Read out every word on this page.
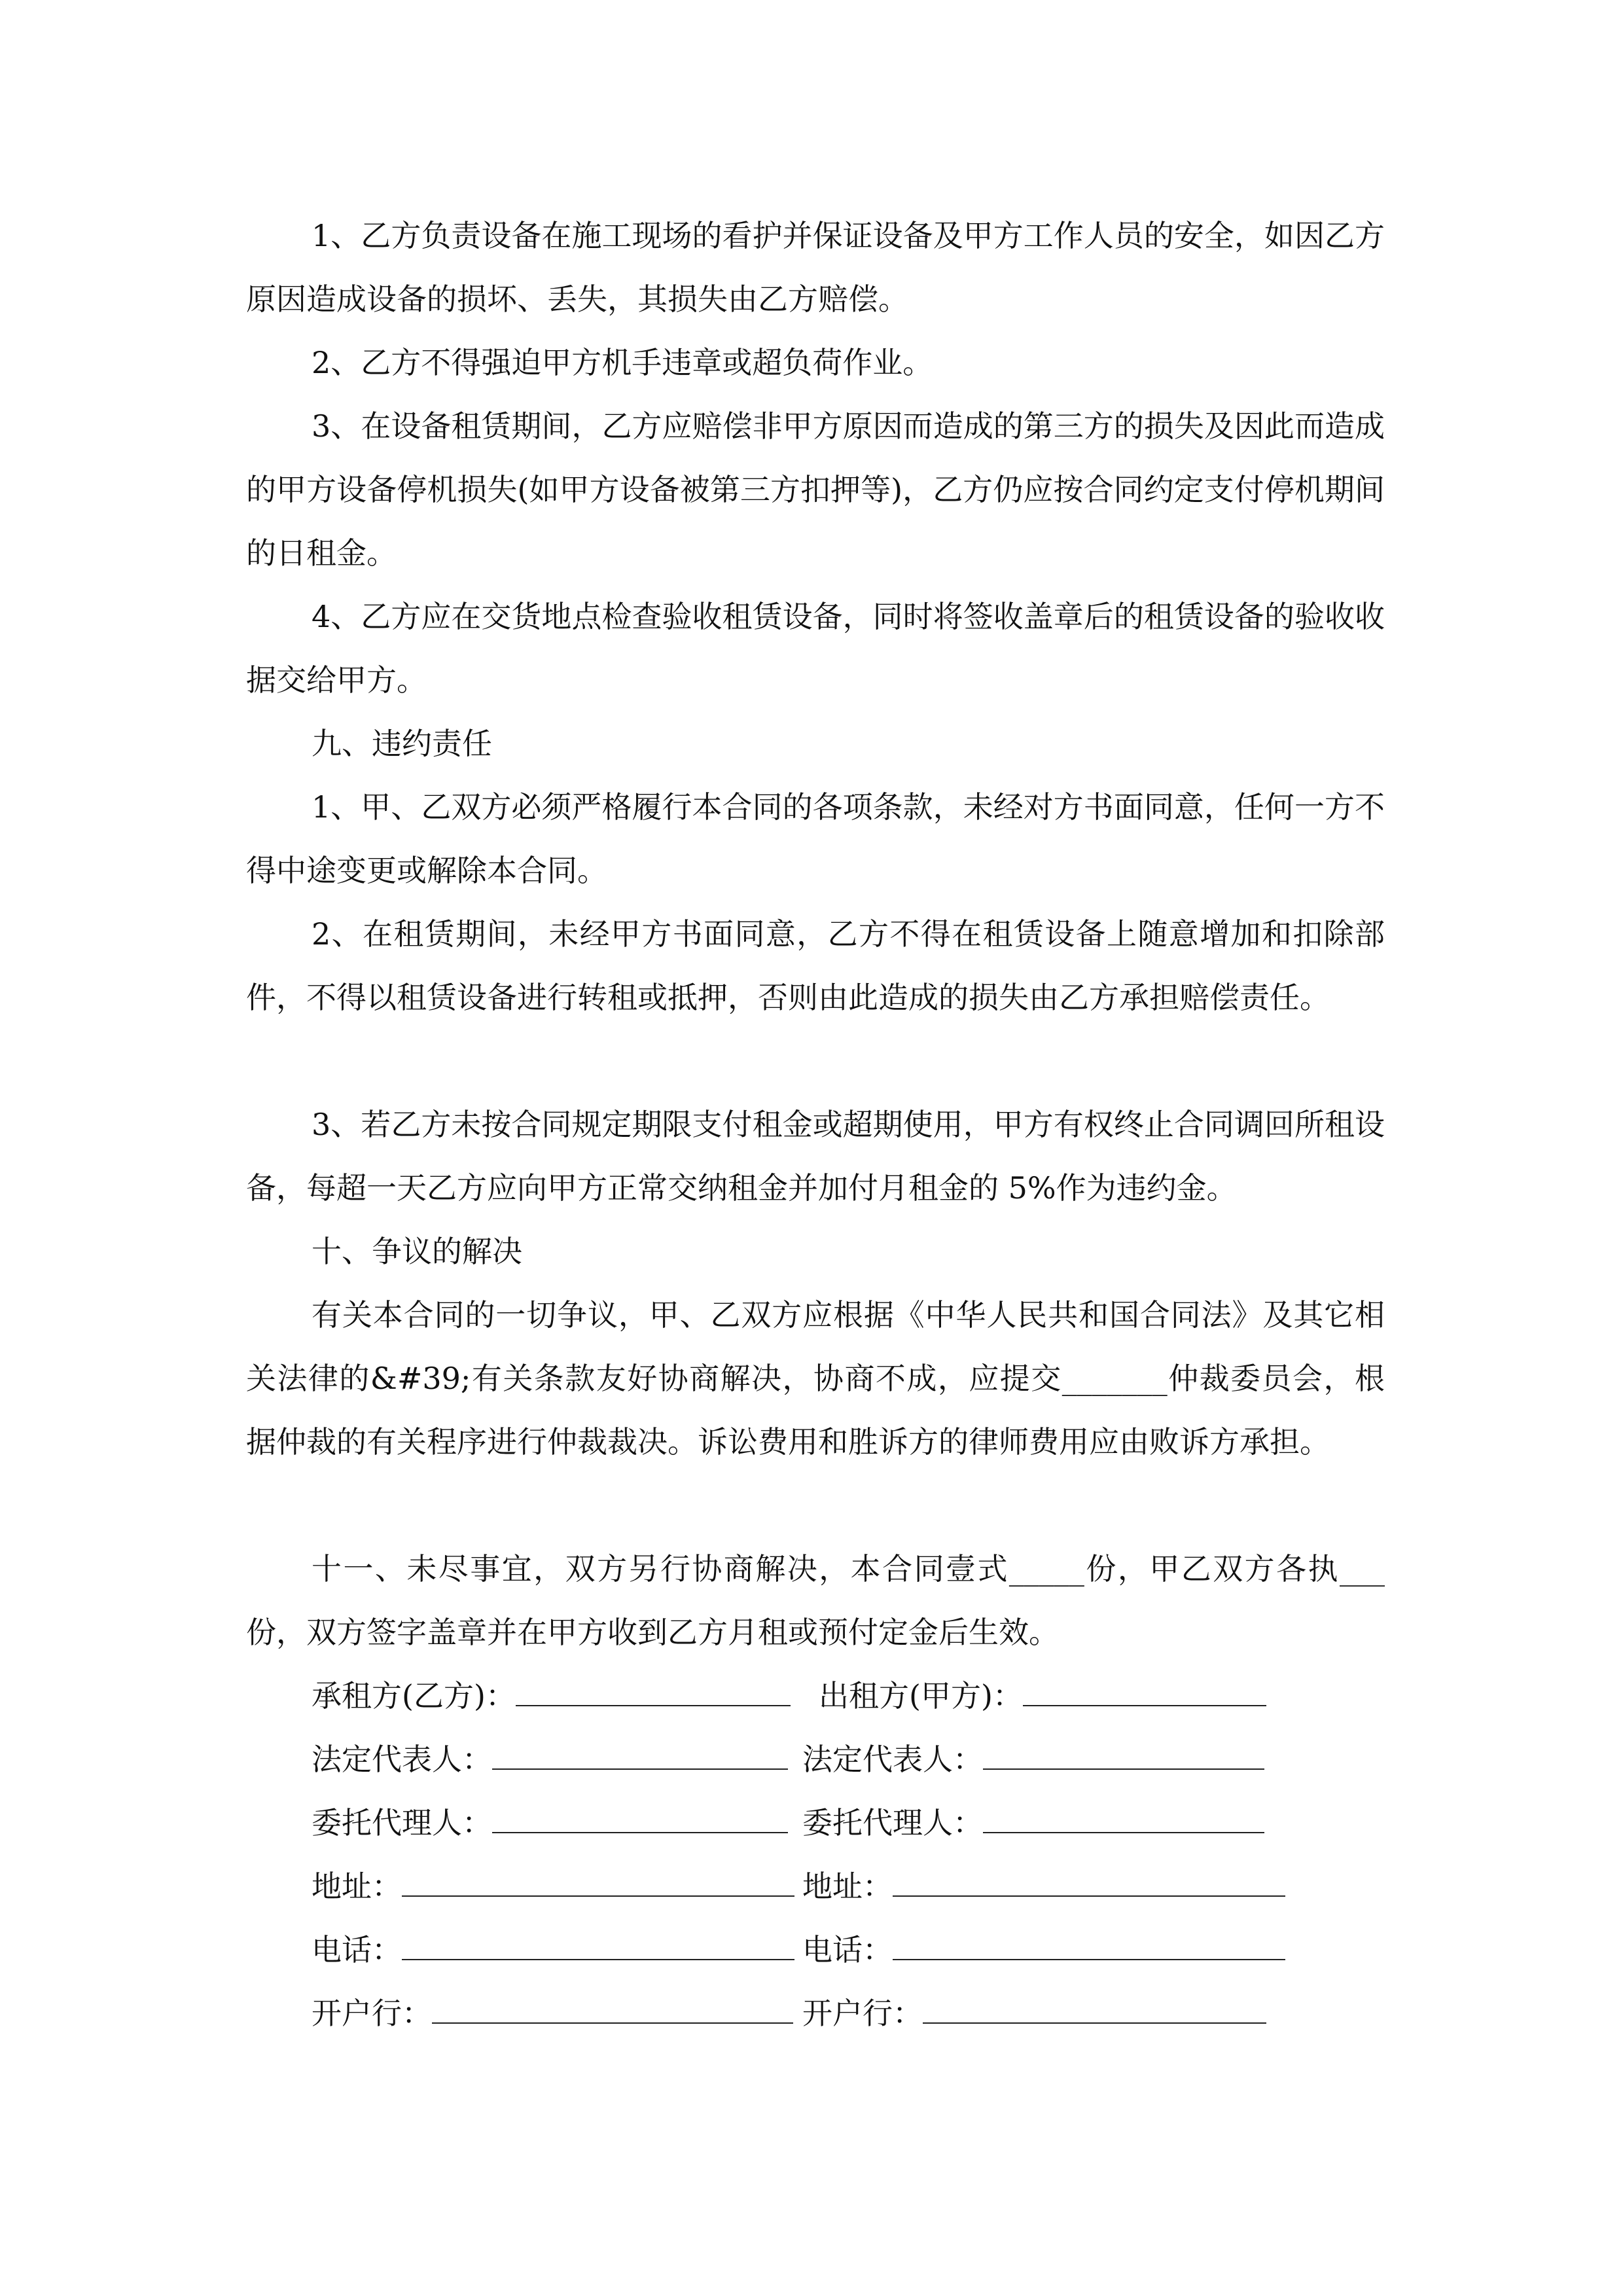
1、乙方负责设备在施工现场的看护并保证设备及甲方工作人员的安全，如因乙方原因造成设备的损坏、丢失，其损失由乙方赔偿。

2、乙方不得强迫甲方机手违章或超负荷作业。

3、在设备租赁期间，乙方应赔偿非甲方原因而造成的第三方的损失及因此而造成的甲方设备停机损失(如甲方设备被第三方扣押等)，乙方仍应按合同约定支付停机期间的日租金。

4、乙方应在交货地点检查验收租赁设备，同时将签收盖章后的租赁设备的验收收据交给甲方。

九、违约责任

1、甲、乙双方必须严格履行本合同的各项条款，未经对方书面同意，任何一方不得中途变更或解除本合同。

2、在租赁期间，未经甲方书面同意，乙方不得在租赁设备上随意增加和扣除部件，不得以租赁设备进行转租或抵押，否则由此造成的损失由乙方承担赔偿责任。

3、若乙方未按合同规定期限支付租金或超期使用，甲方有权终止合同调回所租设备，每超一天乙方应向甲方正常交纳租金并加付月租金的 5%作为违约金。

十、争议的解决

有关本合同的一切争议，甲、乙双方应根据《中华人民共和国合同法》及其它相关法律的&#39;有关条款友好协商解决，协商不成，应提交_______仲裁委员会，根据仲裁的有关程序进行仲裁裁决。诉讼费用和胜诉方的律师费用应由败诉方承担。

十一、未尽事宜，双方另行协商解决，本合同壹式_____份，甲乙双方各执___份，双方签字盖章并在甲方收到乙方月租或预付定金后生效。

承租方(乙方)：	出租方(甲方)：
法定代表人：	法定代表人：
委托代理人：	委托代理人：
地址：	地址：
电话：	电话：
开户行：	开户行：
